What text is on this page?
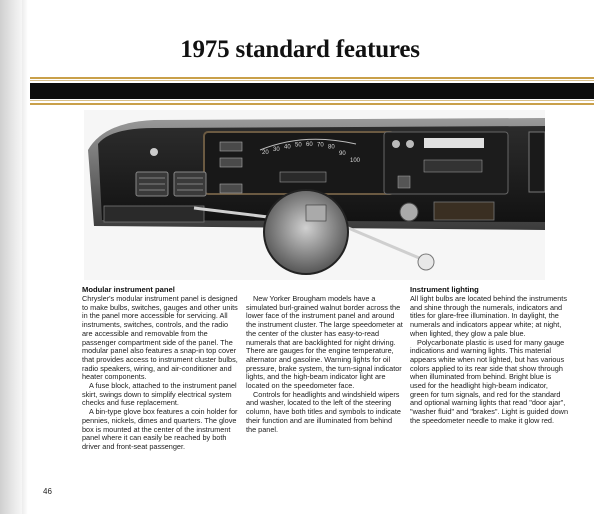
1975 standard features
20
30 40 50 60 70 80
90
100

Modular instrument panel

Chrysler's modular instrument panel is designed to make bulbs, switches, gauges and other units in the panel more accessible for servicing. All instruments, switches, controls, and the radio are accessible and removable from the passenger compartment side of the panel. The modular panel also features a snap-in top cover that provides access to instrument cluster bulbs, radio speakers, wiring, and air-conditioner and heater components.

A fuse block, attached to the instrument panel skirt, swings down to simplify electrical system checks and fuse replacement.

A bin-type glove box features a coin holder for pennies, nickels, dimes and quarters. The glove box is mounted at the center of the instrument panel where it can easily be reached by both driver and front-seat passenger.

New Yorker Brougham models have a simulated burl-grained walnut border across the lower face of the instrument panel and around the instrument cluster. The large speedometer at the center of the cluster has easy-to-read numerals that are backlighted for night driving. There are gauges for the engine temperature, alternator and gasoline. Warning lights for oil pressure, brake system, the turn-signal indicator lights, and the high-beam indicator light are located on the speedometer face.

Controls for headlights and windshield wipers and washer, located to the left of the steering column, have both titles and symbols to indicate their function and are illuminated from behind the panel.

Instrument lighting

All light bulbs are located behind the instruments and shine through the numerals, indicators and titles for glare-free illumination. In daylight, the numerals and indicators appear white; at night, when lighted, they glow a pale blue.

Polycarbonate plastic is used for many gauge indications and warning lights. This material appears white when not lighted, but has various colors applied to its rear side that show through when illuminated from behind. Bright blue is used for the headlight high-beam indicator, green for turn signals, and red for the standard and optional warning lights that read "door ajar", "washer fluid" and "brakes". Light is guided down the speedometer needle to make it glow red.

46
